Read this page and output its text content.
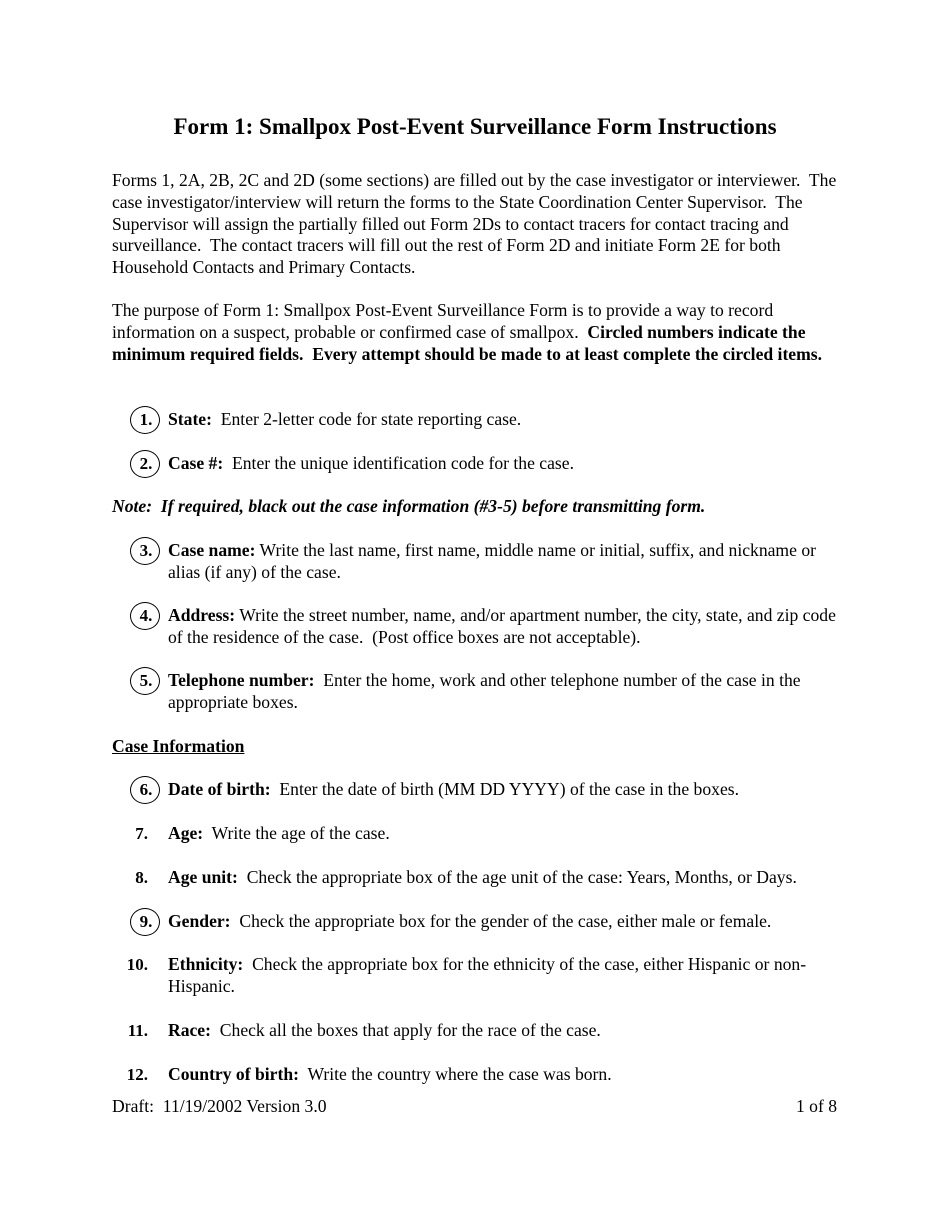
Form 1: Smallpox Post-Event Surveillance Form Instructions

Forms 1, 2A, 2B, 2C and 2D (some sections) are filled out by the case investigator or interviewer.  The case investigator/interview will return the forms to the State Coordination Center Supervisor.  The Supervisor will assign the partially filled out Form 2Ds to contact tracers for contact tracing and surveillance.  The contact tracers will fill out the rest of Form 2D and initiate Form 2E for both Household Contacts and Primary Contacts.

The purpose of Form 1: Smallpox Post-Event Surveillance Form is to provide a way to record information on a suspect, probable or confirmed case of smallpox.  Circled numbers indicate the minimum required fields.  Every attempt should be made to at least complete the circled items.

1. State:  Enter 2-letter code for state reporting case.
2. Case #:  Enter the unique identification code for the case.

Note:  If required, black out the case information (#3-5) before transmitting form.

3. Case name: Write the last name, first name, middle name or initial, suffix, and nickname or alias (if any) of the case.
4. Address: Write the street number, name, and/or apartment number, the city, state, and zip code of the residence of the case.  (Post office boxes are not acceptable).
5. Telephone number:  Enter the home, work and other telephone number of the case in the appropriate boxes.

Case Information

6. Date of birth:  Enter the date of birth (MM DD YYYY) of the case in the boxes.
7.	Age:  Write the age of the case.
8.	Age unit:  Check the appropriate box of the age unit of the case: Years, Months, or Days.
9. Gender:  Check the appropriate box for the gender of the case, either male or female.
10.	Ethnicity:  Check the appropriate box for the ethnicity of the case, either Hispanic or non-Hispanic.
11.	Race:  Check all the boxes that apply for the race of the case.
12.	Country of birth:  Write the country where the case was born.

Draft:  11/19/2002 Version 3.0	1 of 8
